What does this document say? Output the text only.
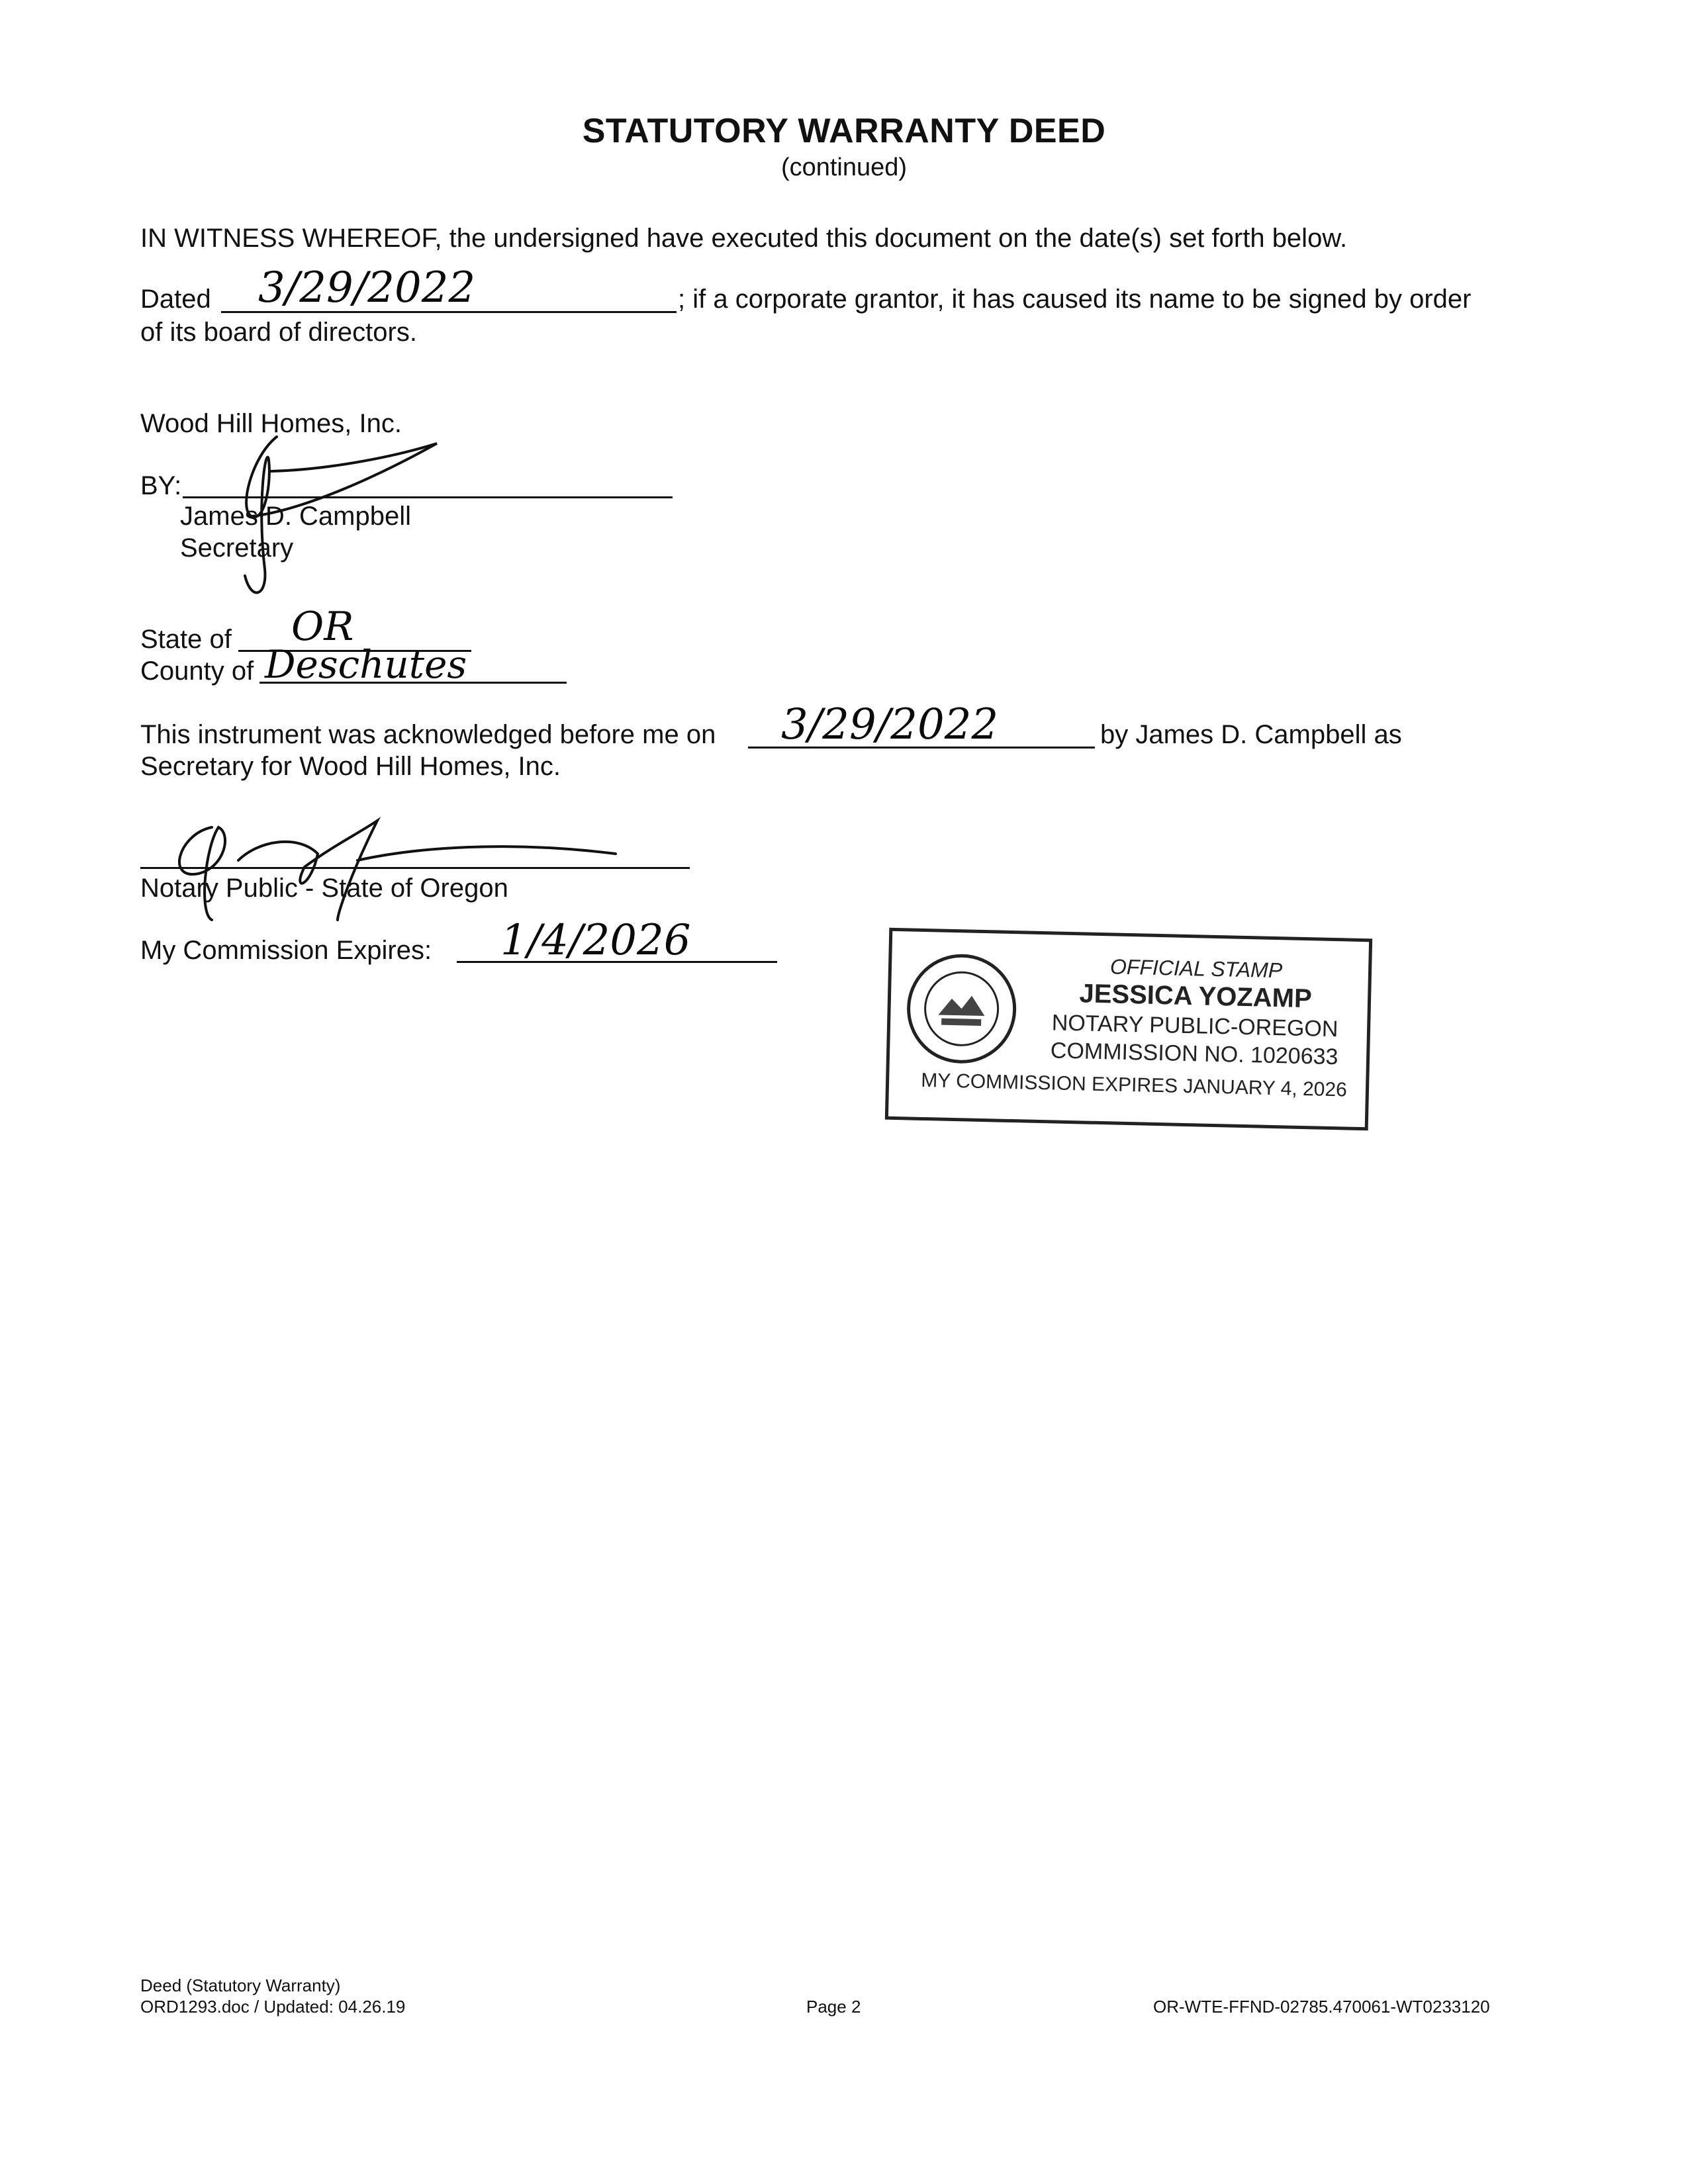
STATUTORY WARRANTY DEED
(continued)
IN WITNESS WHEREOF, the undersigned have executed this document on the date(s) set forth below.
Dated 3/29/2022	; if a corporate grantor, it has caused its name to be signed by order
of its board of directors.
Wood Hill Homes, Inc.
BY:
James D. Campbell
Secretary
State of OR
County of Deschutes
This instrument was acknowledged before me on 3/29/2022	by James D. Campbell as
Secretary for Wood Hill Homes, Inc.
Notary Public - State of Oregon
My Commission Expires: 1/4/2026
OFFICIAL STAMP
JESSICA YOZAMP
NOTARY PUBLIC-OREGON
COMMISSION NO. 1020633
MY COMMISSION EXPIRES JANUARY 4, 2026
Deed (Statutory Warranty)
ORD1293.doc / Updated: 04.26.19	Page 2	OR-WTE-FFND-02785.470061-WT0233120
